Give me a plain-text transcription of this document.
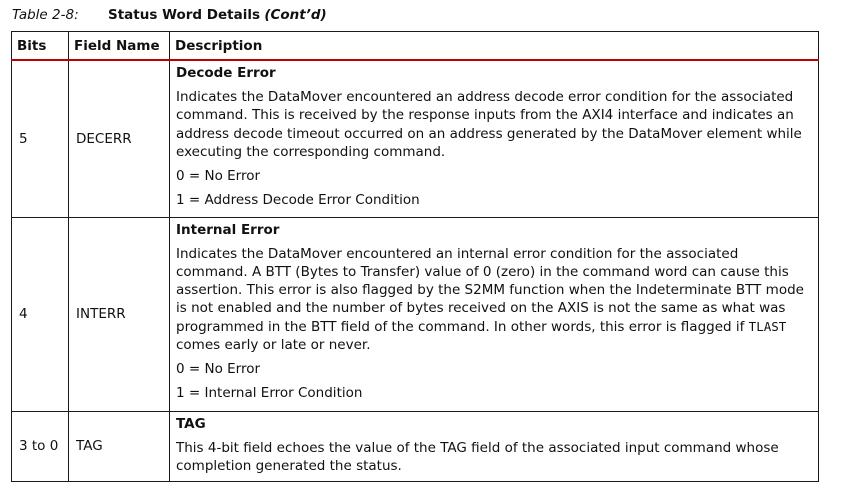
Table 2-8: Status Word Details (Cont’d)
Bits	Field Name	Description
5	DECERR	Decode Error
Indicates the DataMover encountered an address decode error condition for the associated command. This is received by the response inputs from the AXI4 interface and indicates an address decode timeout occurred on an address generated by the DataMover element while executing the corresponding command.
0 = No Error
1 = Address Decode Error Condition

4	INTERR	Internal Error
Indicates the DataMover encountered an internal error condition for the associated command. A BTT (Bytes to Transfer) value of 0 (zero) in the command word can cause this assertion. This error is also flagged by the S2MM function when the Indeterminate BTT mode is not enabled and the number of bytes received on the AXIS is not the same as what was programmed in the BTT field of the command. In other words, this error is flagged if TLAST comes early or late or never.
0 = No Error
1 = Internal Error Condition

3 to 0	TAG	TAG
This 4-bit field echoes the value of the TAG field of the associated input command whose completion generated the status.
